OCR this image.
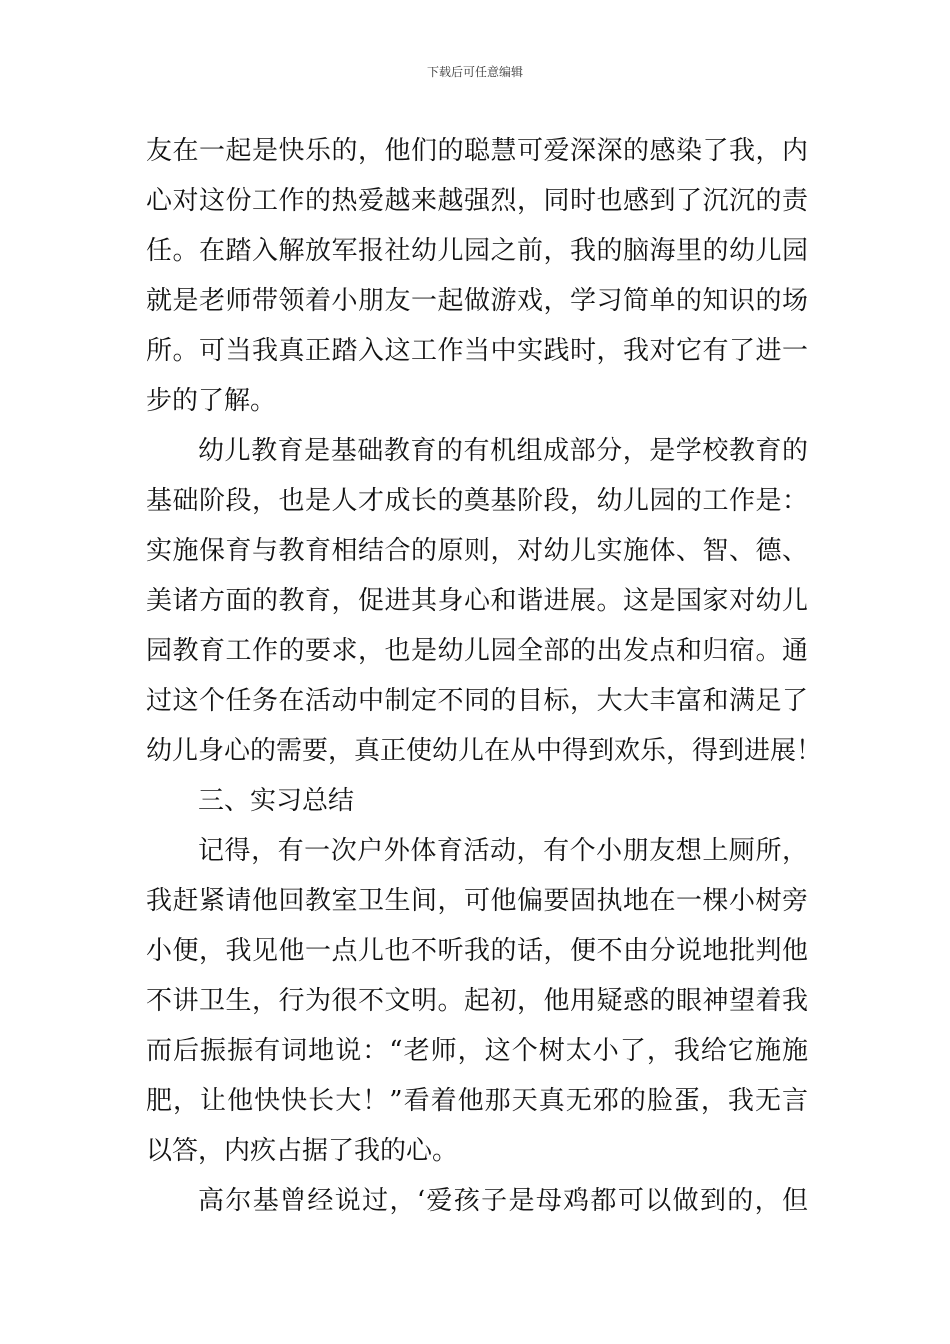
下载后可任意编辑

友在一起是快乐的，他们的聪慧可爱深深的感染了我，内
心对这份工作的热爱越来越强烈，同时也感到了沉沉的责
任。在踏入解放军报社幼儿园之前，我的脑海里的幼儿园
就是老师带领着小朋友一起做游戏，学习简单的知识的场
所。可当我真正踏入这工作当中实践时，我对它有了进一
步的了解。
幼儿教育是基础教育的有机组成部分，是学校教育的
基础阶段，也是人才成长的奠基阶段，幼儿园的工作是：
实施保育与教育相结合的原则，对幼儿实施体、智、德、
美诸方面的教育，促进其身心和谐进展。这是国家对幼儿
园教育工作的要求，也是幼儿园全部的出发点和归宿。通
过这个任务在活动中制定不同的目标，大大丰富和满足了
幼儿身心的需要，真正使幼儿在从中得到欢乐，得到进展！
三、实习总结
记得，有一次户外体育活动，有个小朋友想上厕所，
我赶紧请他回教室卫生间，可他偏要固执地在一棵小树旁
小便，我见他一点儿也不听我的话，便不由分说地批判他
不讲卫生，行为很不文明。起初，他用疑惑的眼神望着我
而后振振有词地说：“老师，这个树太小了，我给它施施
肥，让他快快长大！”看着他那天真无邪的脸蛋，我无言
以答，内疚占据了我的心。
高尔基曾经说过，‘爱孩子是母鸡都可以做到的，但
